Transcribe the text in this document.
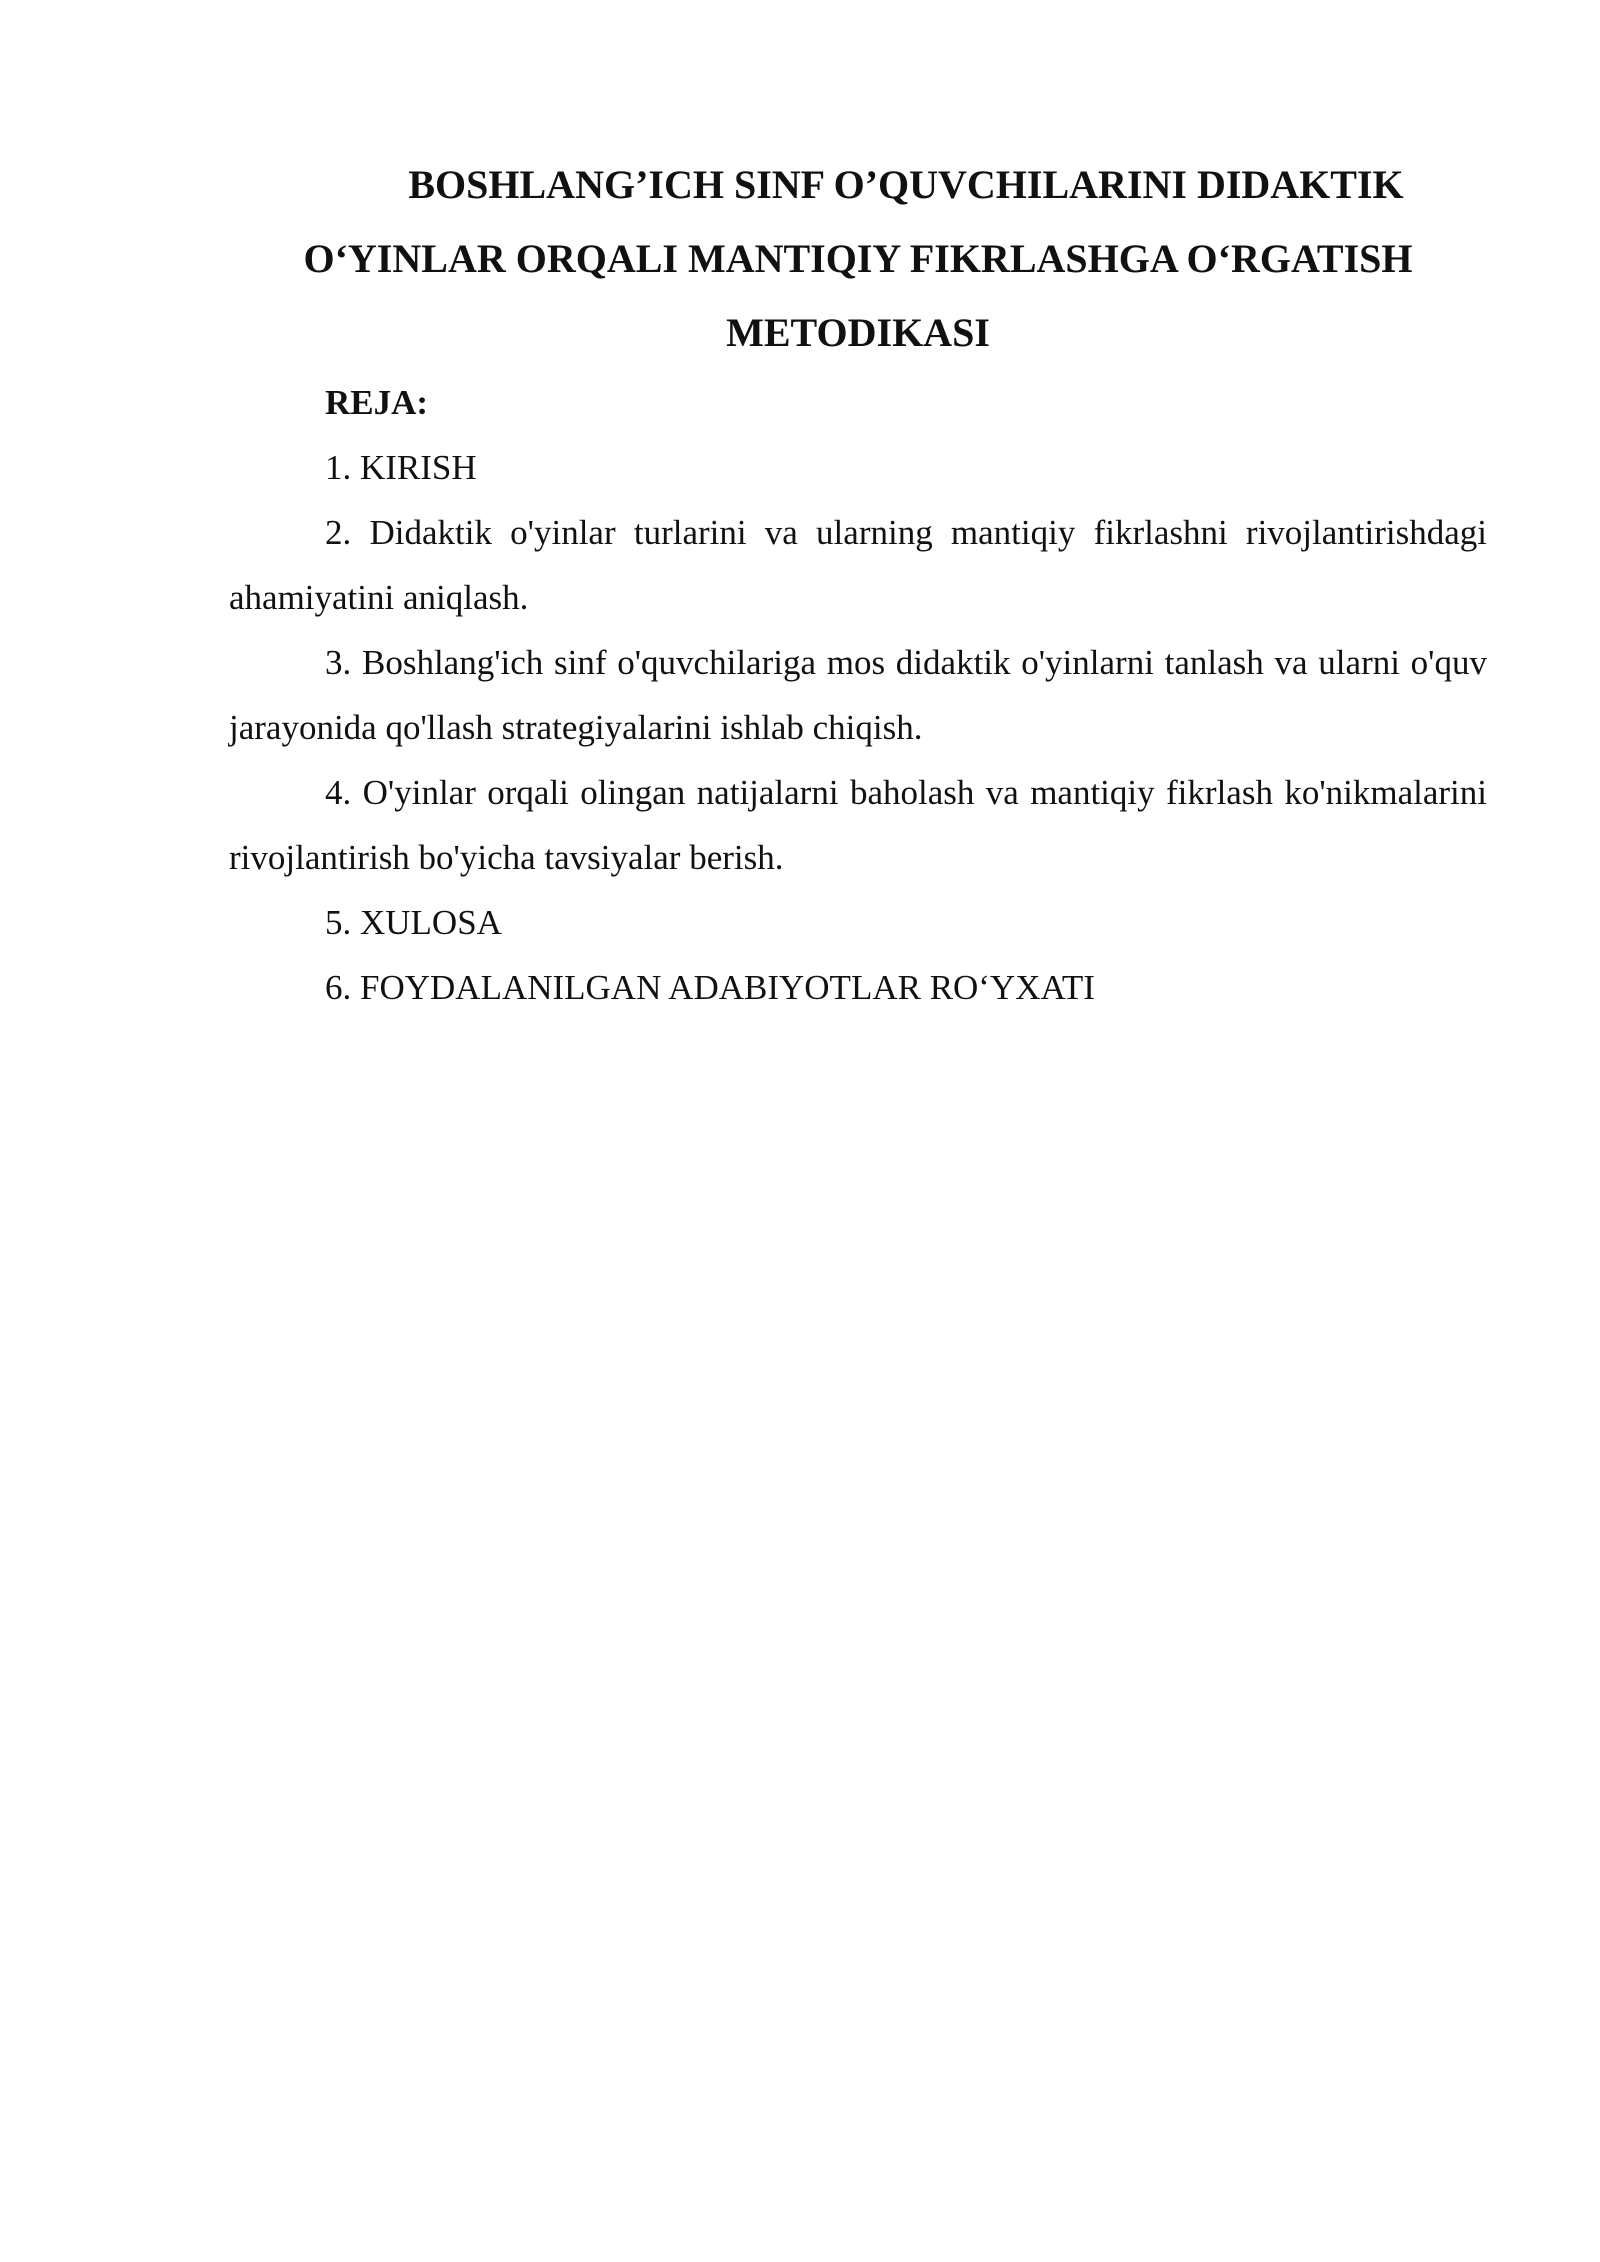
BOSHLANG’ICH SINF O’QUVCHILARINI DIDAKTIK O‘YINLAR ORQALI MANTIQIY FIKRLASHGA O‘RGATISH METODIKASI

REJA:

1. KIRISH

2. Didaktik o'yinlar turlarini va ularning mantiqiy fikrlashni rivojlantirishdagi ahamiyatini aniqlash.

3. Boshlang'ich sinf o'quvchilariga mos didaktik o'yinlarni tanlash va ularni o'quv jarayonida qo'llash strategiyalarini ishlab chiqish.

4. O'yinlar orqali olingan natijalarni baholash va mantiqiy fikrlash ko'nikmalarini rivojlantirish bo'yicha tavsiyalar berish.

5. XULOSA

6. FOYDALANILGAN ADABIYOTLAR RO‘YXATI
